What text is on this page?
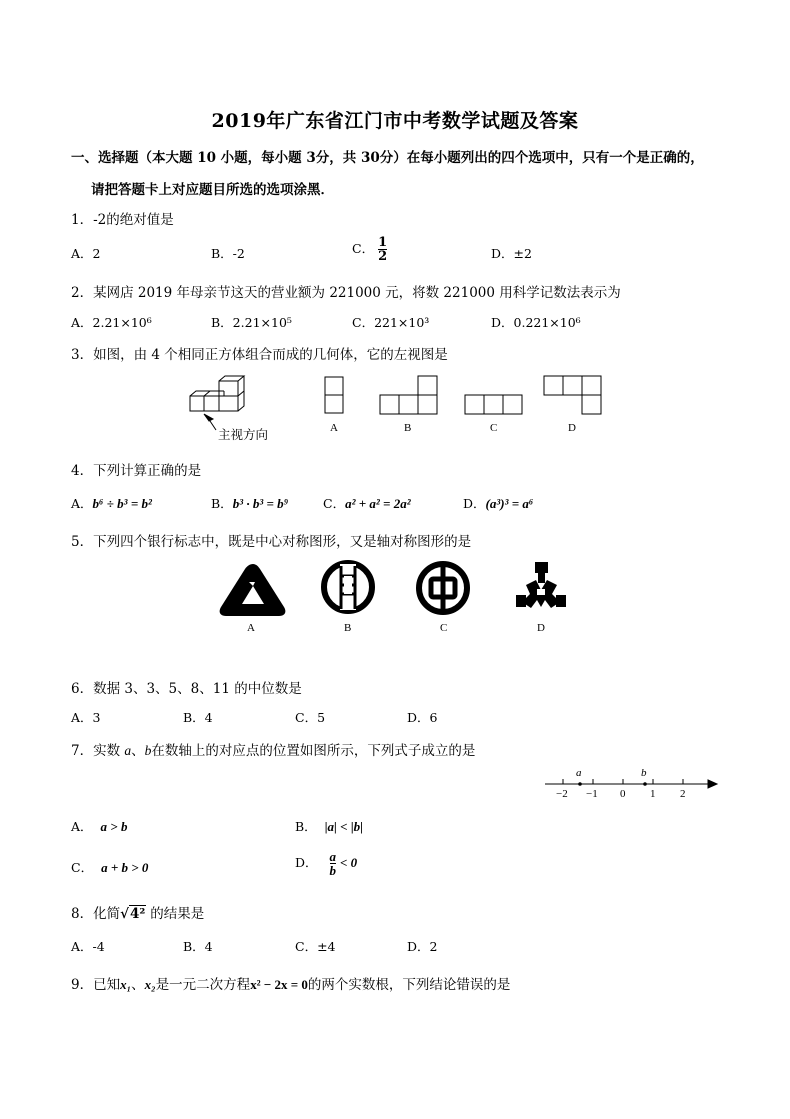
2019年广东省江门市中考数学试题及答案
一、选择题（本大题 10 小题，每小题 3分，共 30分）在每小题列出的四个选项中，只有一个是正确的，
请把答题卡上对应题目所选的选项涂黑．
1．-2的绝对值是
A．2	B．-2	C． $\frac{1}{2}$	D．±2
2．某网店 2019 年母亲节这天的营业额为 221000 元，将数 221000 用科学记数法表示为
A．2.21×10⁶	B．2.21×10⁵	C．221×10³	D．0.221×10⁶
3．如图，由 4 个相同正方体组合而成的几何体，它的左视图是
主视方向	A	B	C	D
4．下列计算正确的是
A．b⁶ ÷ b³ = b²	B．b³ · b³ = b⁹	C．a² + a² = 2a²	D．(a³)³ = a⁶
5．下列四个银行标志中，既是中心对称图形，又是轴对称图形的是
A	B	C	D
6．数据 3、3、5、8、11 的中位数是
A．3	B．4	C．5	D．6
7．实数 a、b在数轴上的对应点的位置如图所示，下列式子成立的是
a	b
−2 −1 0 1 2
A． a > b	B． |a| < |b|
C． a + b > 0	D． $\frac{a}{b} < 0$
8．化简√4² 的结果是
A．-4	B．4	C．±4	D．2
9．已知x₁、x₂是一元二次方程x² − 2x = 0的两个实数根，下列结论错误的是
